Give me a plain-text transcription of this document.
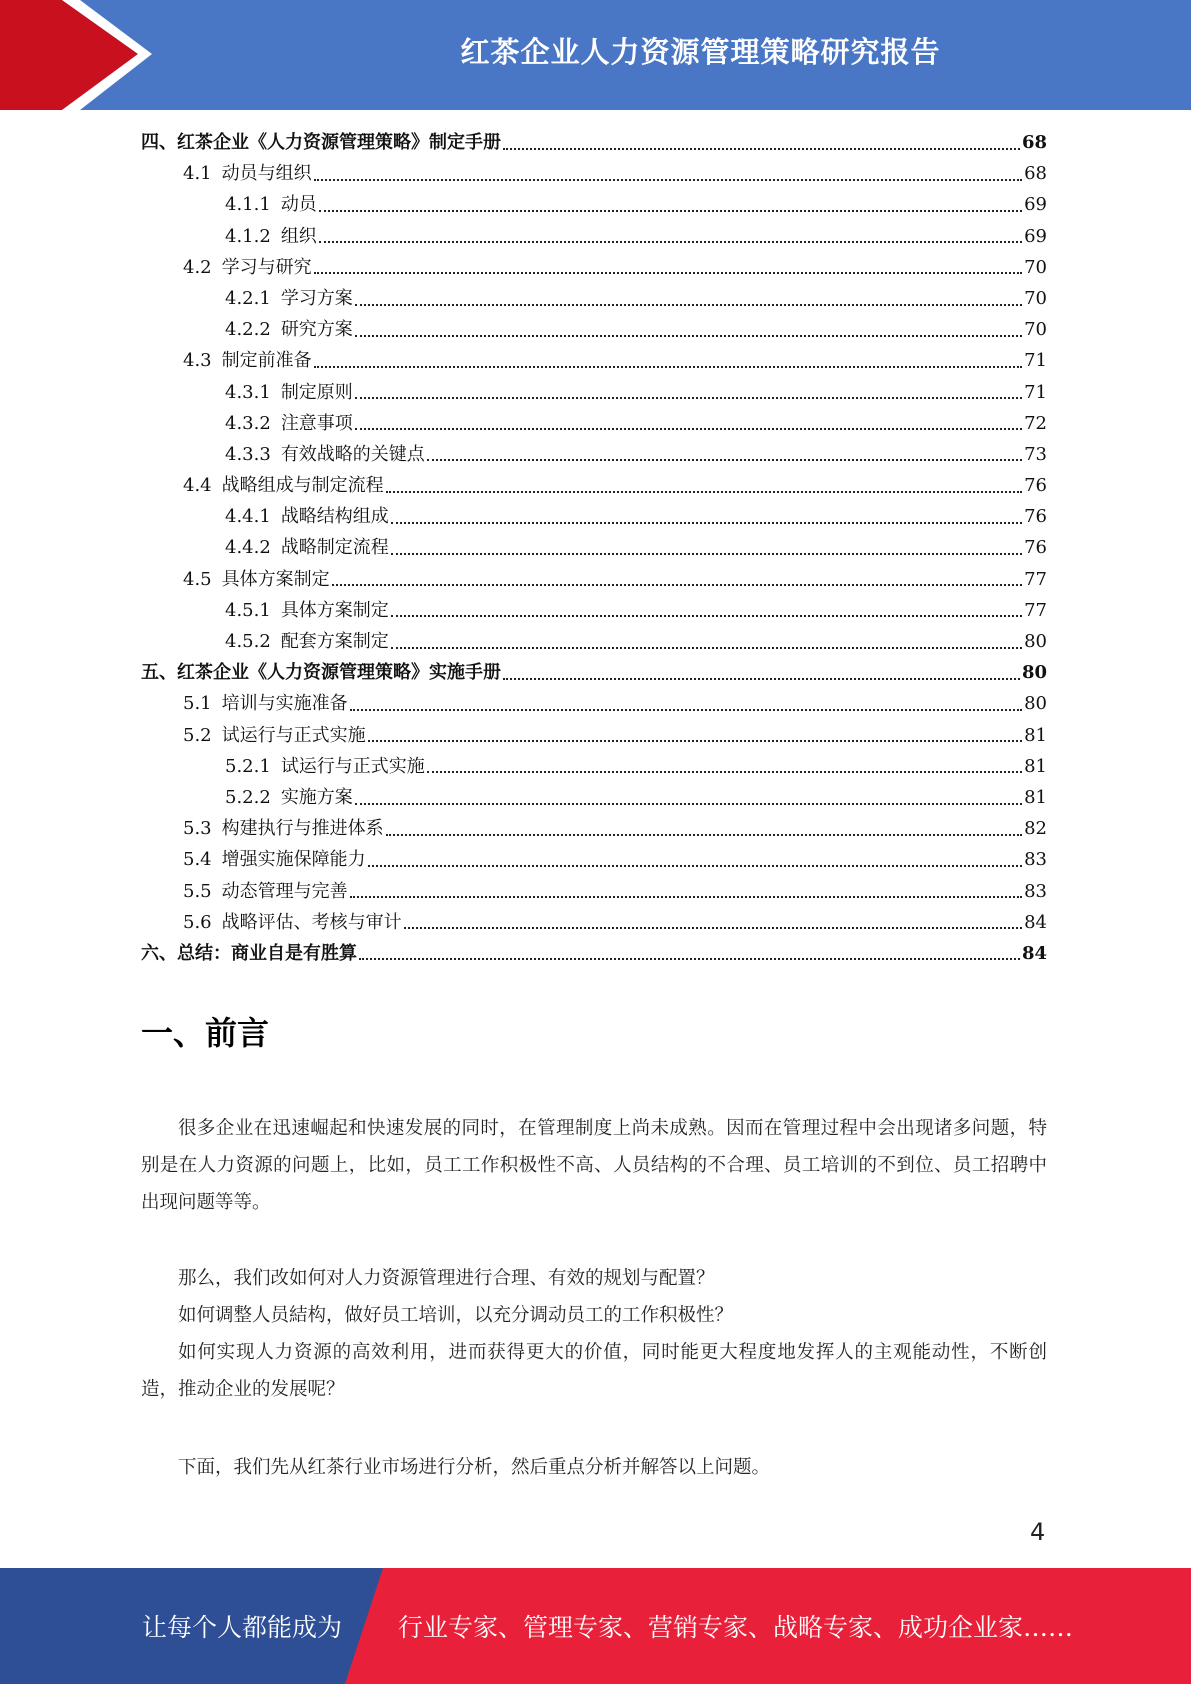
红茶企业人力资源管理策略研究报告
四、红茶企业《人力资源管理策略》制定手册	68
4.1 动员与组织	68
4.1.1 动员	69
4.1.2 组织	69
4.2 学习与研究	70
4.2.1 学习方案	70
4.2.2 研究方案	70
4.3 制定前准备	71
4.3.1 制定原则	71
4.3.2 注意事项	72
4.3.3 有效战略的关键点	73
4.4 战略组成与制定流程	76
4.4.1 战略结构组成	76
4.4.2 战略制定流程	76
4.5 具体方案制定	77
4.5.1 具体方案制定	77
4.5.2 配套方案制定	80
五、红茶企业《人力资源管理策略》实施手册	80
5.1 培训与实施准备	80
5.2 试运行与正式实施	81
5.2.1 试运行与正式实施	81
5.2.2 实施方案	81
5.3 构建执行与推进体系	82
5.4 增强实施保障能力	83
5.5 动态管理与完善	83
5.6 战略评估、考核与审计	84
六、总结：商业自是有胜算	84
一、前言

很多企业在迅速崛起和快速发展的同时，在管理制度上尚未成熟。因而在管理过程中会出现诸多问题，特别是在人力资源的问题上，比如，员工工作积极性不高、人员结构的不合理、员工培训的不到位、员工招聘中出现问题等等。

那么，我们改如何对人力资源管理进行合理、有效的规划与配置？

如何调整人员結构，做好员工培训，以充分调动员工的工作积极性？

如何实现人力资源的高效利用，进而获得更大的价值，同时能更大程度地发挥人的主观能动性，不断创造，推动企业的发展呢？

下面，我们先从红茶行业市场进行分析，然后重点分析并解答以上问题。

4
让每个人都能成为 行业专家、管理专家、营销专家、战略专家、成功企业家……
